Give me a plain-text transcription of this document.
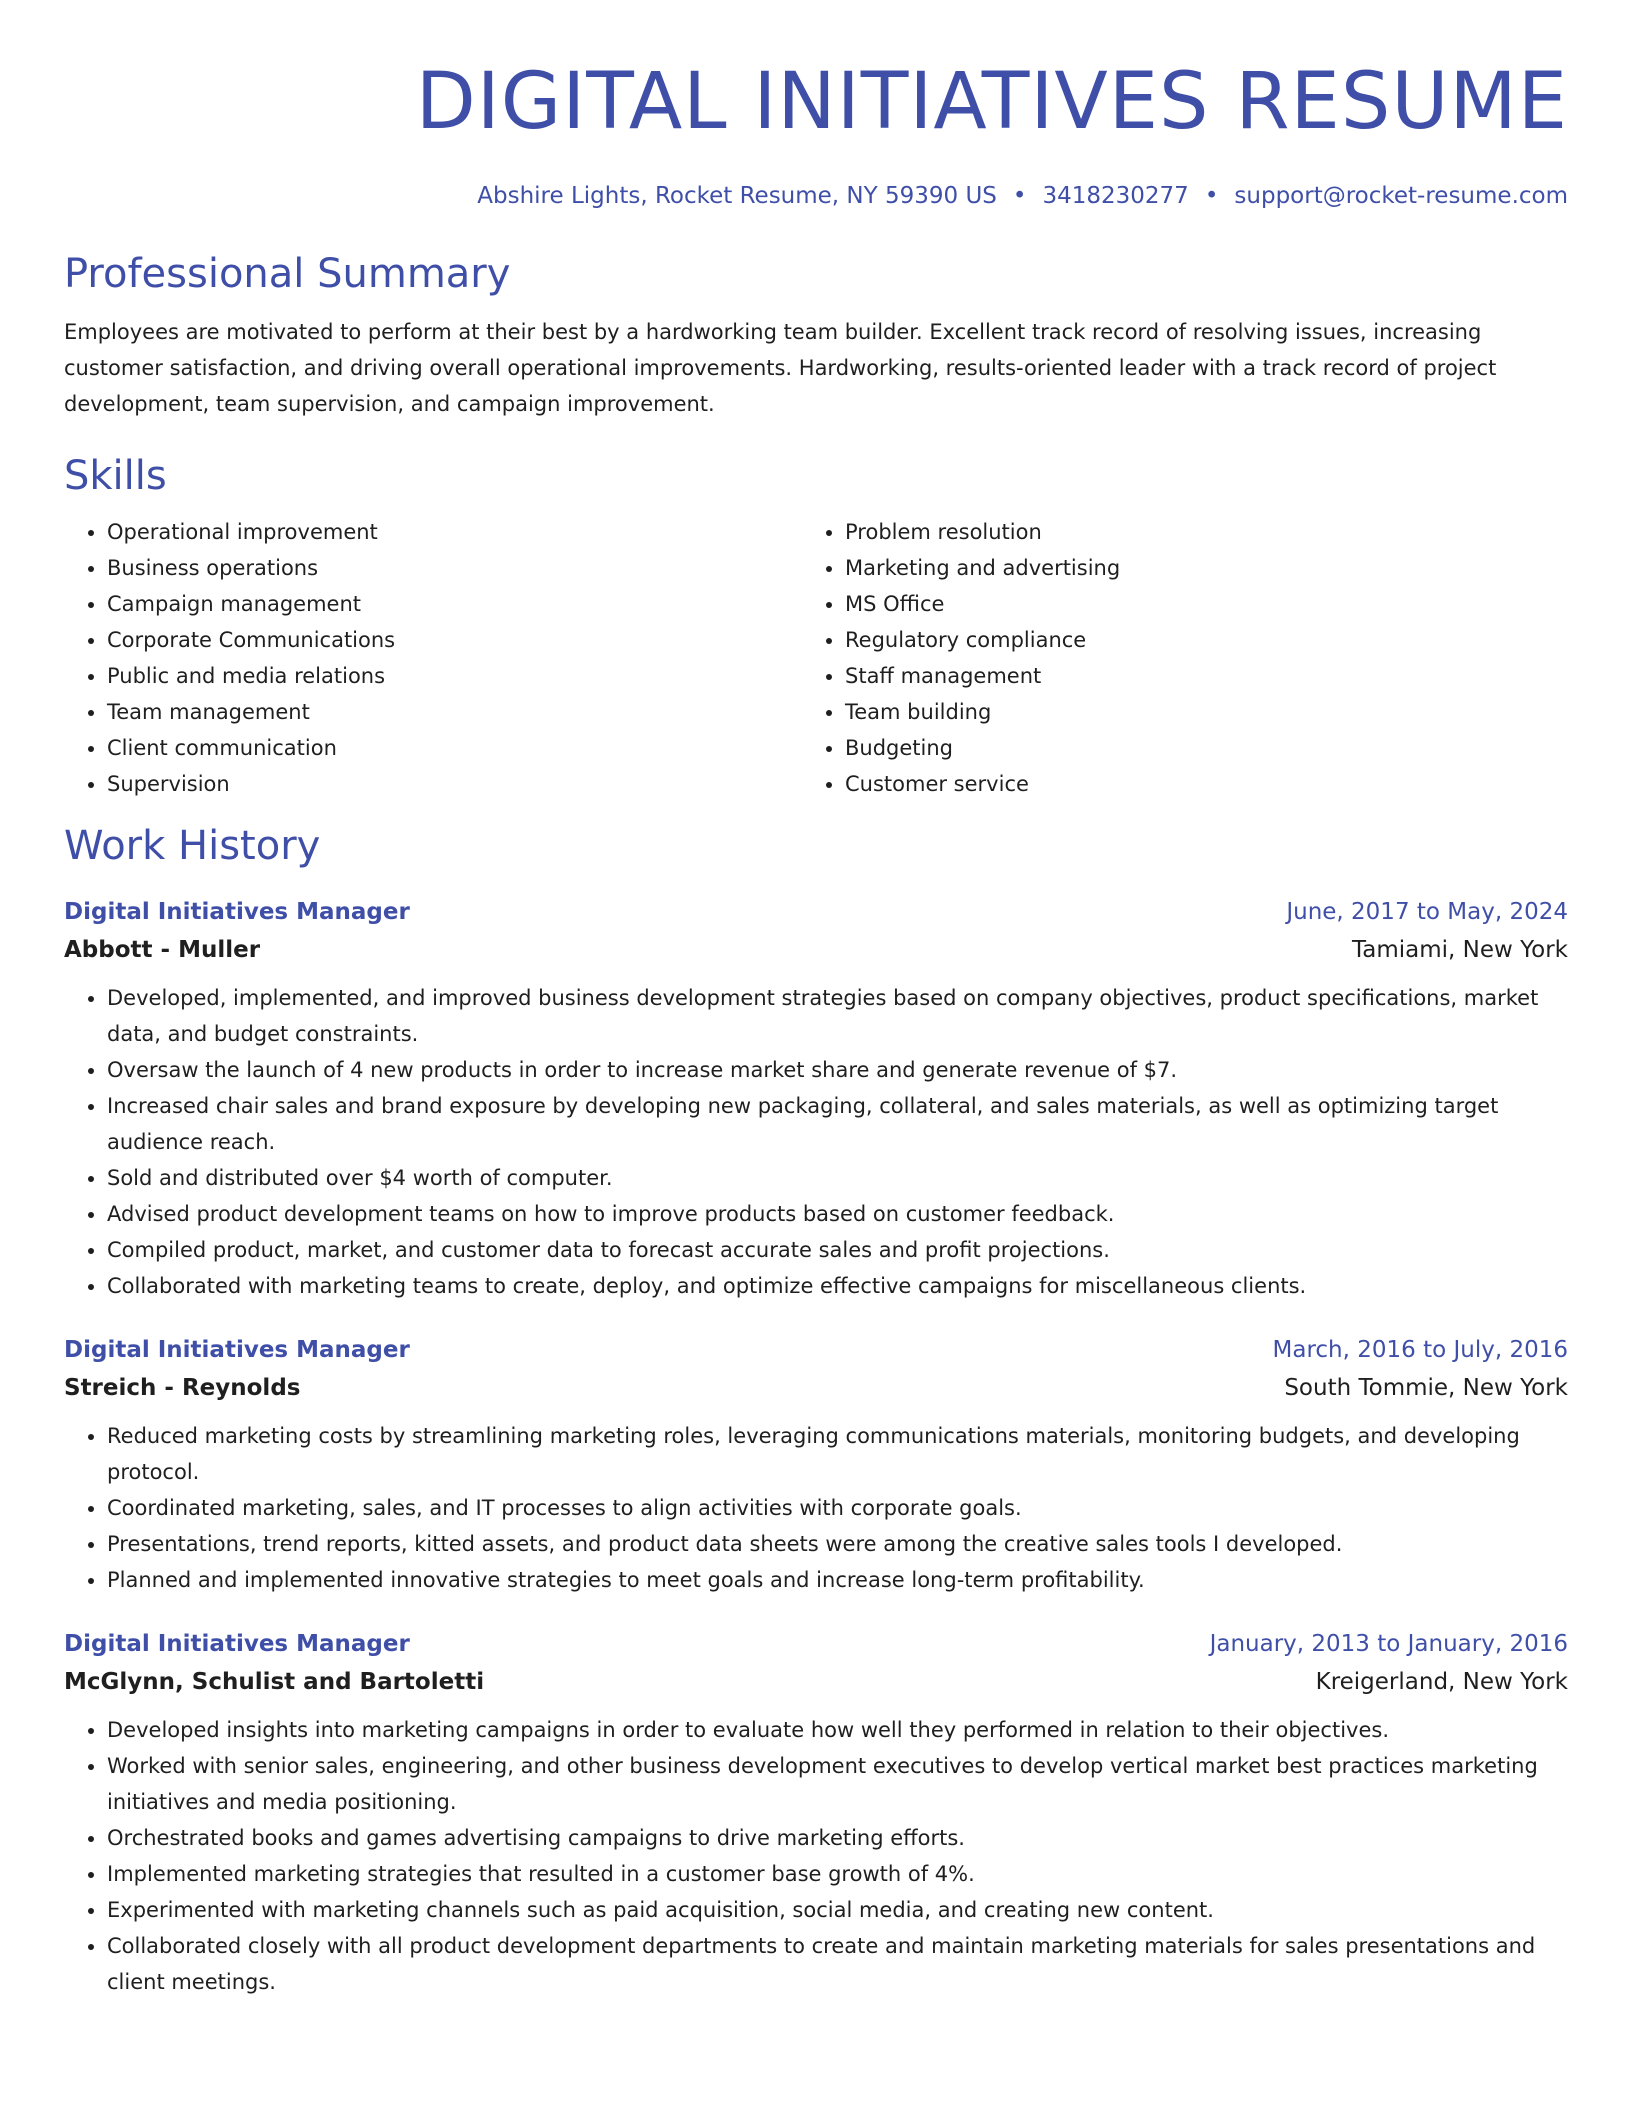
DIGITAL INITIATIVES RESUME
Abshire Lights, Rocket Resume, NY 59390 US • 3418230277 • support@rocket-resume.com
Professional Summary

Employees are motivated to perform at their best by a hardworking team builder. Excellent track record of resolving issues, increasing customer satisfaction, and driving overall operational improvements. Hardworking, results-oriented leader with a track record of project development, team supervision, and campaign improvement.

Skills
• Operational improvement
• Business operations
• Campaign management
• Corporate Communications
• Public and media relations
• Team management
• Client communication
• Supervision
• Problem resolution
• Marketing and advertising
• MS Office
• Regulatory compliance
• Staff management
• Team building
• Budgeting
• Customer service
Work History
Digital Initiatives Manager	June, 2017 to May, 2024
Abbott - Muller	Tamiami, New York
• Developed, implemented, and improved business development strategies based on company objectives, product specifications, market data, and budget constraints.
• Oversaw the launch of 4 new products in order to increase market share and generate revenue of $7.
• Increased chair sales and brand exposure by developing new packaging, collateral, and sales materials, as well as optimizing target audience reach.
• Sold and distributed over $4 worth of computer.
• Advised product development teams on how to improve products based on customer feedback.
• Compiled product, market, and customer data to forecast accurate sales and profit projections.
• Collaborated with marketing teams to create, deploy, and optimize effective campaigns for miscellaneous clients.
Digital Initiatives Manager	March, 2016 to July, 2016
Streich - Reynolds	South Tommie, New York
• Reduced marketing costs by streamlining marketing roles, leveraging communications materials, monitoring budgets, and developing protocol.
• Coordinated marketing, sales, and IT processes to align activities with corporate goals.
• Presentations, trend reports, kitted assets, and product data sheets were among the creative sales tools I developed.
• Planned and implemented innovative strategies to meet goals and increase long-term profitability.
Digital Initiatives Manager	January, 2013 to January, 2016
McGlynn, Schulist and Bartoletti	Kreigerland, New York
• Developed insights into marketing campaigns in order to evaluate how well they performed in relation to their objectives.
• Worked with senior sales, engineering, and other business development executives to develop vertical market best practices marketing initiatives and media positioning.
• Orchestrated books and games advertising campaigns to drive marketing efforts.
• Implemented marketing strategies that resulted in a customer base growth of 4%.
• Experimented with marketing channels such as paid acquisition, social media, and creating new content.
• Collaborated closely with all product development departments to create and maintain marketing materials for sales presentations and client meetings.
